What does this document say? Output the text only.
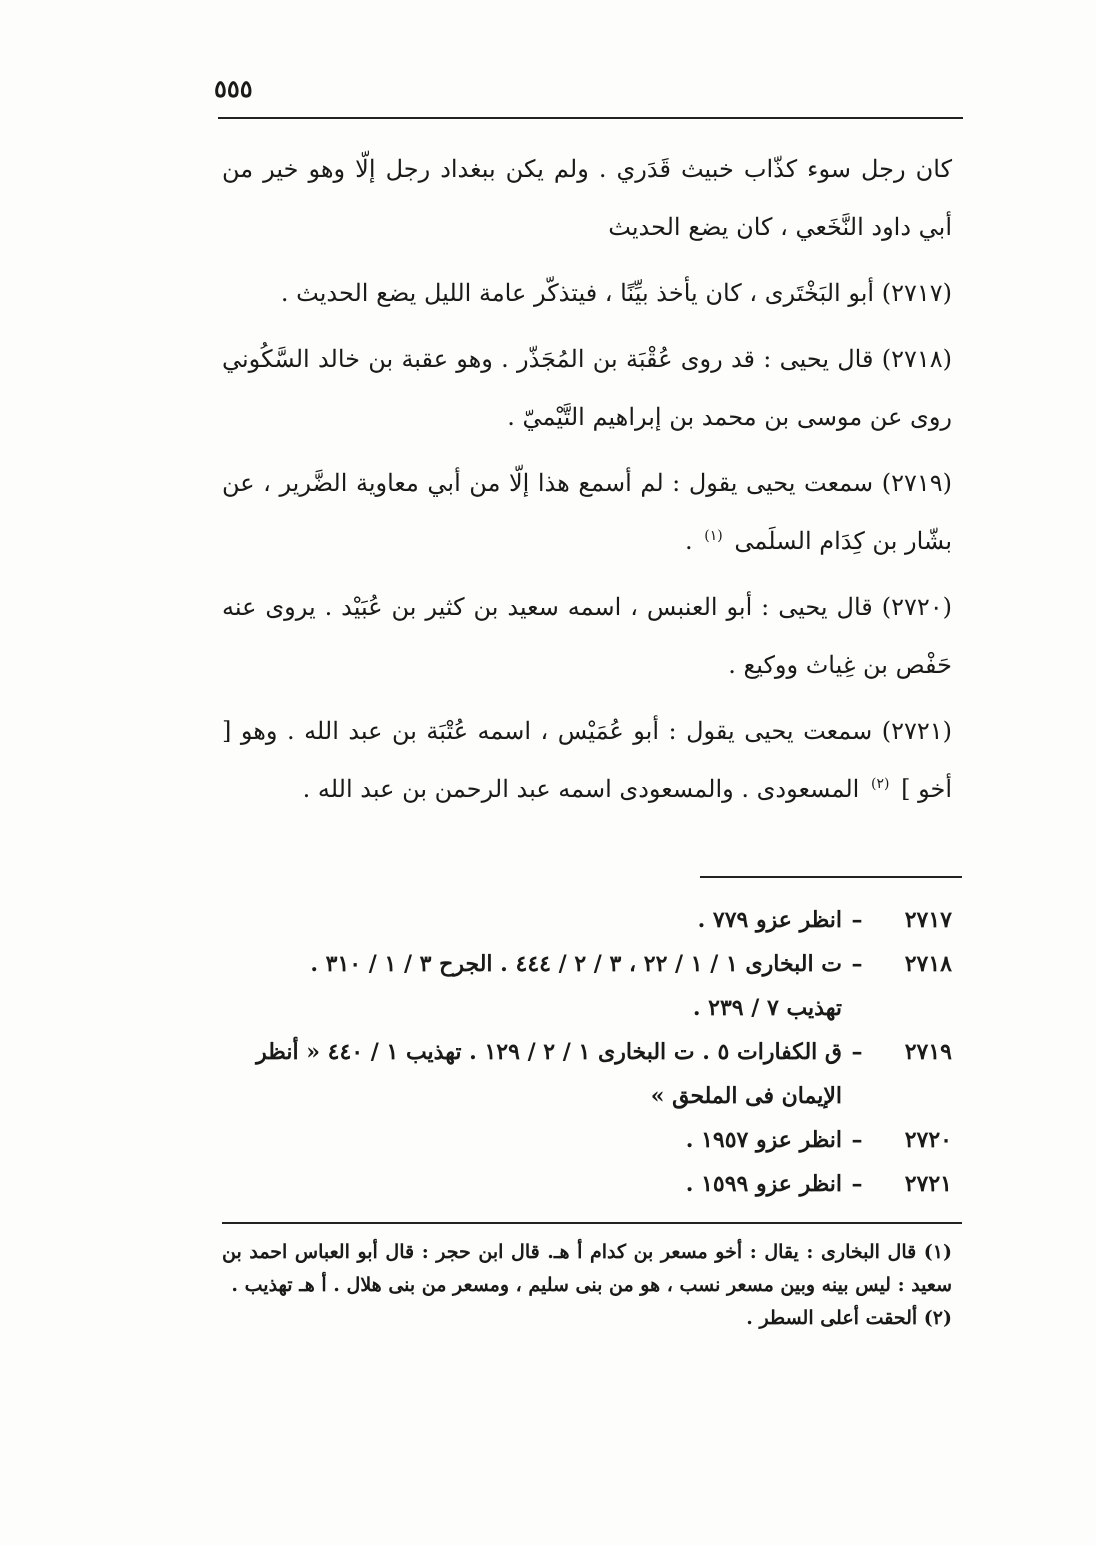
٥٥٥

كان رجل سوء كذّاب خبيث قَدَري . ولم يكن ببغداد رجل إلّا وهو خير من أبي داود النَّخَعي ، كان يضع الحديث

(٢٧١٧) أبو البَخْتَرى ، كان يأخذ بيِّنًا ، فيتذكّر عامة الليل يضع الحديث .

(٢٧١٨) قال يحيى : قد روى عُقْبَة بن المُجَذّر . وهو عقبة بن خالد السَّكُوني روى عن موسى بن محمد بن إبراهيم التَّيْميّ .

(٢٧١٩) سمعت يحيى يقول : لم أسمع هذا إلّا من أبي معاوية الضَّرير ، عن بشّار بن كِدَام السلَمى $^{(١)}$ .

(٢٧٢٠) قال يحيى : أبو العنبس ، اسمه سعيد بن كثير بن عُبَيْد . يروى عنه حَفْص بن غِياث ووكيع .

(٢٧٢١) سمعت يحيى يقول : أبو عُمَيْس ، اسمه عُتْبَة بن عبد الله . وهو [ أخو ] $^{(٢)}$ المسعودى . والمسعودى اسمه عبد الرحمن بن عبد الله .

٢٧١٧
–
انظر عزو ٧٧٩ .
٢٧١٨
–
ت البخارى ١ / ١ / ٢٢ ، ٣ / ٢ / ٤٤٤ . الجرح ٣ / ١ / ٣١٠ .
تهذيب ٧ / ٢٣٩ .
٢٧١٩
–
ق الكفارات ٥ . ت البخارى ١ / ٢ / ١٢٩ . تهذيب ١ / ٤٤٠ « أنظر
الإيمان فى الملحق »
٢٧٢٠
–
انظر عزو ١٩٥٧ .
٢٧٢١
–
انظر عزو ١٥٩٩ .

(١) قال البخارى : يقال : أخو مسعر بن كدام أ هـ. قال ابن حجر : قال أبو العباس احمد بن سعيد : ليس بينه وبين مسعر نسب ، هو من بنى سليم ، ومسعر من بنى هلال . أ هـ تهذيب .

(٢) ألحقت أعلى السطر .
